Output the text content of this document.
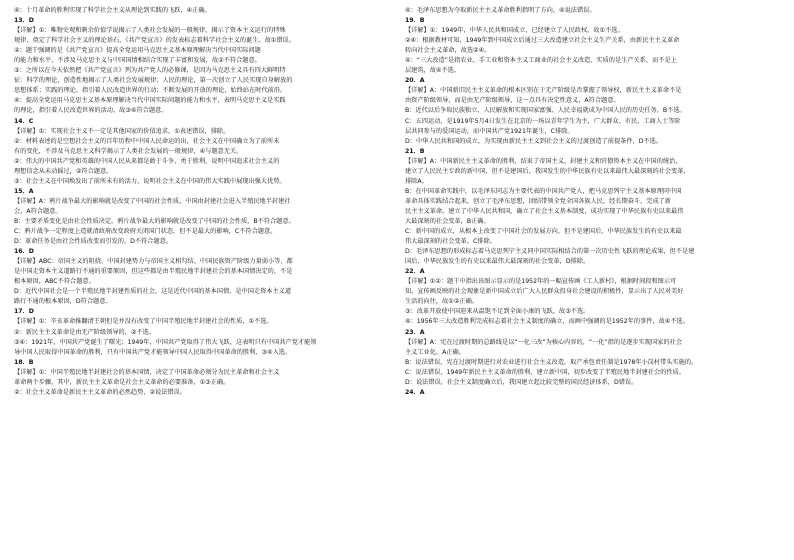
④：十月革命的胜利实现了科学社会主义从理论到实践的飞跃，④正确。
13．D
【详解】①：唯物史观和剩余价值学说揭示了人类社会发展的一般规律，揭示了资本主义运行的特殊
规律，奠定了科学社会主义的理论基石，《共产党宣言》的发表标志着科学社会主义的诞生。故①错误。
②：题干强调的是《共产党宣言》提高全党运用马克思主义基本原理解决当代中国实际问题
的能力和水平，不涉及马克思主义与中国国情相结合实现了丰富和发展，故②不符合题意。
③：之所以在今天依然把《共产党宣言》列为共产党人的必修课，是因为马克思主义具有四大鲜明特
征：科学的理论，创造性地揭示了人类社会发展规律；人民的理论，第一次创立了人民实现自身解放的
思想体系；实践的理论，指引着人民改造世界的行动；不断发展的开放的理论，始终站在时代前沿。
④：提高全党运用马克思主义基本原理解决当代中国实际问题的能力和水平，表明马克思主义是实践
的理论，指引着人民改造世界的活动。故③④符合题意。
14．C
【详解】①：实现社会主义不一定是其他国家的价值追求，①表述错误，排除。
②：材料表述的是空想社会主义的百年历程中中国人民命运的出，社会主义在中国确立为了前所未
有的变化，不涉及马克思主义科学揭示了人类社会发展的一般规律，④与题意无关。
②：伟大的中国共产党和英雄的中国人民从来都是敢于斗争、勇于胜利，说明中国追求社会主义的
理想信念从未动摇过，②符合题意。
③：社会主义在中国焕发出了前所未有的活力，说明社会主义在中国的伟大实践中展现出强大优势。
15．A
【详解】A：鸦片战争最大的影响就是改变了中国的社会性质，中国由封建社会进入半殖民地半封建社
会，A符合题意。
B：主要矛盾变化是由社会性质决定，鸦片战争最大的影响就是改变了中国的社会性质，B不符合题意。
C：鸦片战争一定程度上造就清政府改变政府关闭国门状态，但不是最大的影响，C不符合题意。
D：革命任务是由社会性质改变而引发的，D不符合题意。
16．D
【详解】ABC：帝国主义的阻挠、中国封建势力与帝国主义相勾结、中国民族资产阶级力量弱小等，都
是中国走资本主义道路行不通的重要原因，但这些都是由半殖民地半封建社会的基本国情决定的，不是
根本原因，ABC不符合题意。
D：近代中国社会是一个半殖民地半封建性质的社会，这是近代中国的基本国情，是中国走资本主义道
路行不通的根本原因，D符合题意。
17．D
【详解】①：辛亥革命推翻清王朝但是并没有改变了中国半殖民地半封建社会的性质，①不选。
②：新民主主义革命是由无产阶级领导的，②不选。
③④：1921年，中国共产党诞生了曙光；1949年，中国共产党取得了伟大飞跃，这表明只有中国共产党才能领
导中国人民取得中国革命的胜利，只有中国共产党才能领导中国人民取得中国革命的胜利，③④入选。
18．B
【详解】①：中国半殖民地半封建社会的基本国情，决定了中国革命必须分为民主革命和社会主义
革命两个步骤，其中，新民主主义革命是社会主义革命的必要准备，①③正确。
②：社会主义革命是新民主主义革命的必然趋势，②说法错误。
④：毛泽东思想为夺取新民主主义革命胜利指明了方向，④说法错误。
19．B
【详解】①：1949年，中华人民共和国成立，已经建立了人民政权，故①不选。
②④：根据教材可知，1949年到中国成立后通过三大改造建立社会主义生产关系，由新民主主义革命
转向社会主义革命，故选②④。
④：“三大改造”是指农业、手工业和资本主义工商业的社会主义改造，实质的是生产关系，而不是上
层建筑，故④不选。
20．A
【详解】A：中国新旧民主主义革命的根本区别在于无产阶级是否掌握了领导权，新民主主义革命不是
由资产阶级领导，而是由无产阶级领导，这一点具有决定性意义，A符合题意。
B：近代以后争取民族独立、人民解放和实现国家富强、人民幸福就成为中国人民的历史任务，B不选。
C：五四运动，是1919年5月4日发生在北京的一场以青年学生为主，广大群众、市民、工商人士等阶
层共同参与的爱国运动，而中国共产党1921年诞生，C排除。
D：中华人民共和国的成立，为实现由新民主主义到社会主义的过渡创造了前提条件，D不选。
21．B
【详解】A：中国新民主主义革命的胜利，结束了帝国主义、封建主义和官僚资本主义在中国的统治，
建立了人民民主专政的新中国，但不是建国后，我国发生的中华民族有史以来最伟大最深刻的社会变革，
排除A。
B：在中国革命实践中，以毛泽东同志为主要代表的中国共产党人，把马克思列宁主义基本原理同中国
革命具体实践结合起来，创立了毛泽东思想，团结带领全党全国各族人民，经长期奋斗，完成了新
民主主义革命，建立了中华人民共和国，确立了社会主义基本制度，成功实现了中华民族有史以来最伟
大最深刻的社会变革，B正确。
C：新中国的成立，从根本上改变了中国社会的发展方向，但不是建国后，中华民族发生的有史以来最
伟大最深刻的社会变革，C排除。
D：毛泽东思想的形成标志着马克思列宁主义同中国实际相结合的第一次历史性飞跃的理论成果，但不是建
国后，中华民族发生的有史以来最伟大最深刻的社会变革，D排除。
22．A
【详解】①②：题干中指出该图示显示的是1952年的一幅宣传画《工人新村》，根据时间段和图示可
知，宣传画反映的社会现象是新中国成立后广大人民群众投身社会建设的积极性，显示出了人民对美好
生活的向往，故①②正确。
③：改革开放使中国迎来从温饱不足到全面小康的飞跃，故③不选。
④：1956年三大改造胜利完成标志着社会主义制度的确立，而画中强调的是1952年的事件，故④不选。
23．A
【详解】A：宪在过渡时期的总路线是以“一化三改”为核心内容的，“一化”指的是逐步实现国家的社会
主义工业化，A正确。
B：说法错误，宪在过渡时期进行对农业进行社会主义改造，取产承包责任制是1978年小岗村带头实施的。
C：说法错误，1949年新民主主义革命的胜利，建立新中国，初步改变了半殖民地半封建社会的性质。
D：说法错误，社会主义制度确立后，我国建立起比较完整的国民经济体系，D错误。
24．A
